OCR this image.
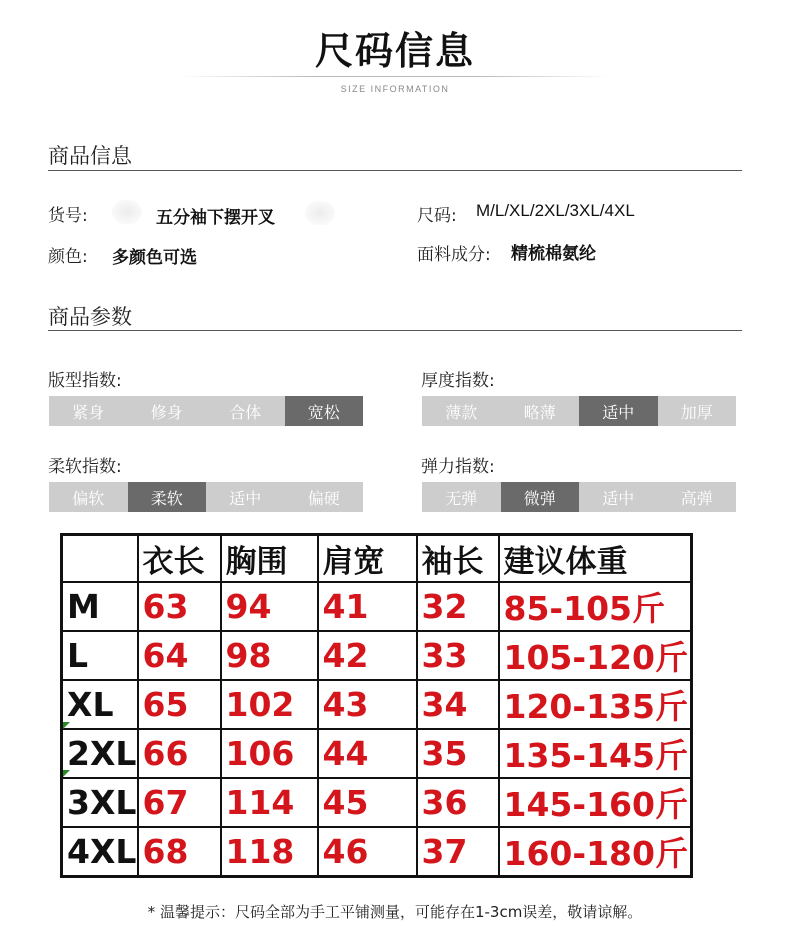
尺码信息
SIZE INFORMATION
商品信息
货号:	五分袖下摆开叉	尺码: M/L/XL/2XL/3XL/4XL
颜色: 多颜色可选	面料成分: 精梳棉氨纶
商品参数
版型指数:
紧身	修身	合体	宽松
厚度指数:
薄款	略薄	适中	加厚
柔软指数:
偏软	柔软	适中	偏硬
弹力指数:
无弹	微弹	适中	高弹
	衣长	胸围	肩宽	袖长	建议体重
M	63	94	41	32	85-105斤
L	64	98	42	33	105-120斤
XL	65	102	43	34	120-135斤
2XL	66	106	44	35	135-145斤
3XL	67	114	45	36	145-160斤
4XL	68	118	46	37	160-180斤
* 温馨提示：尺码全部为手工平铺测量，可能存在1-3cm误差，敬请谅解。
